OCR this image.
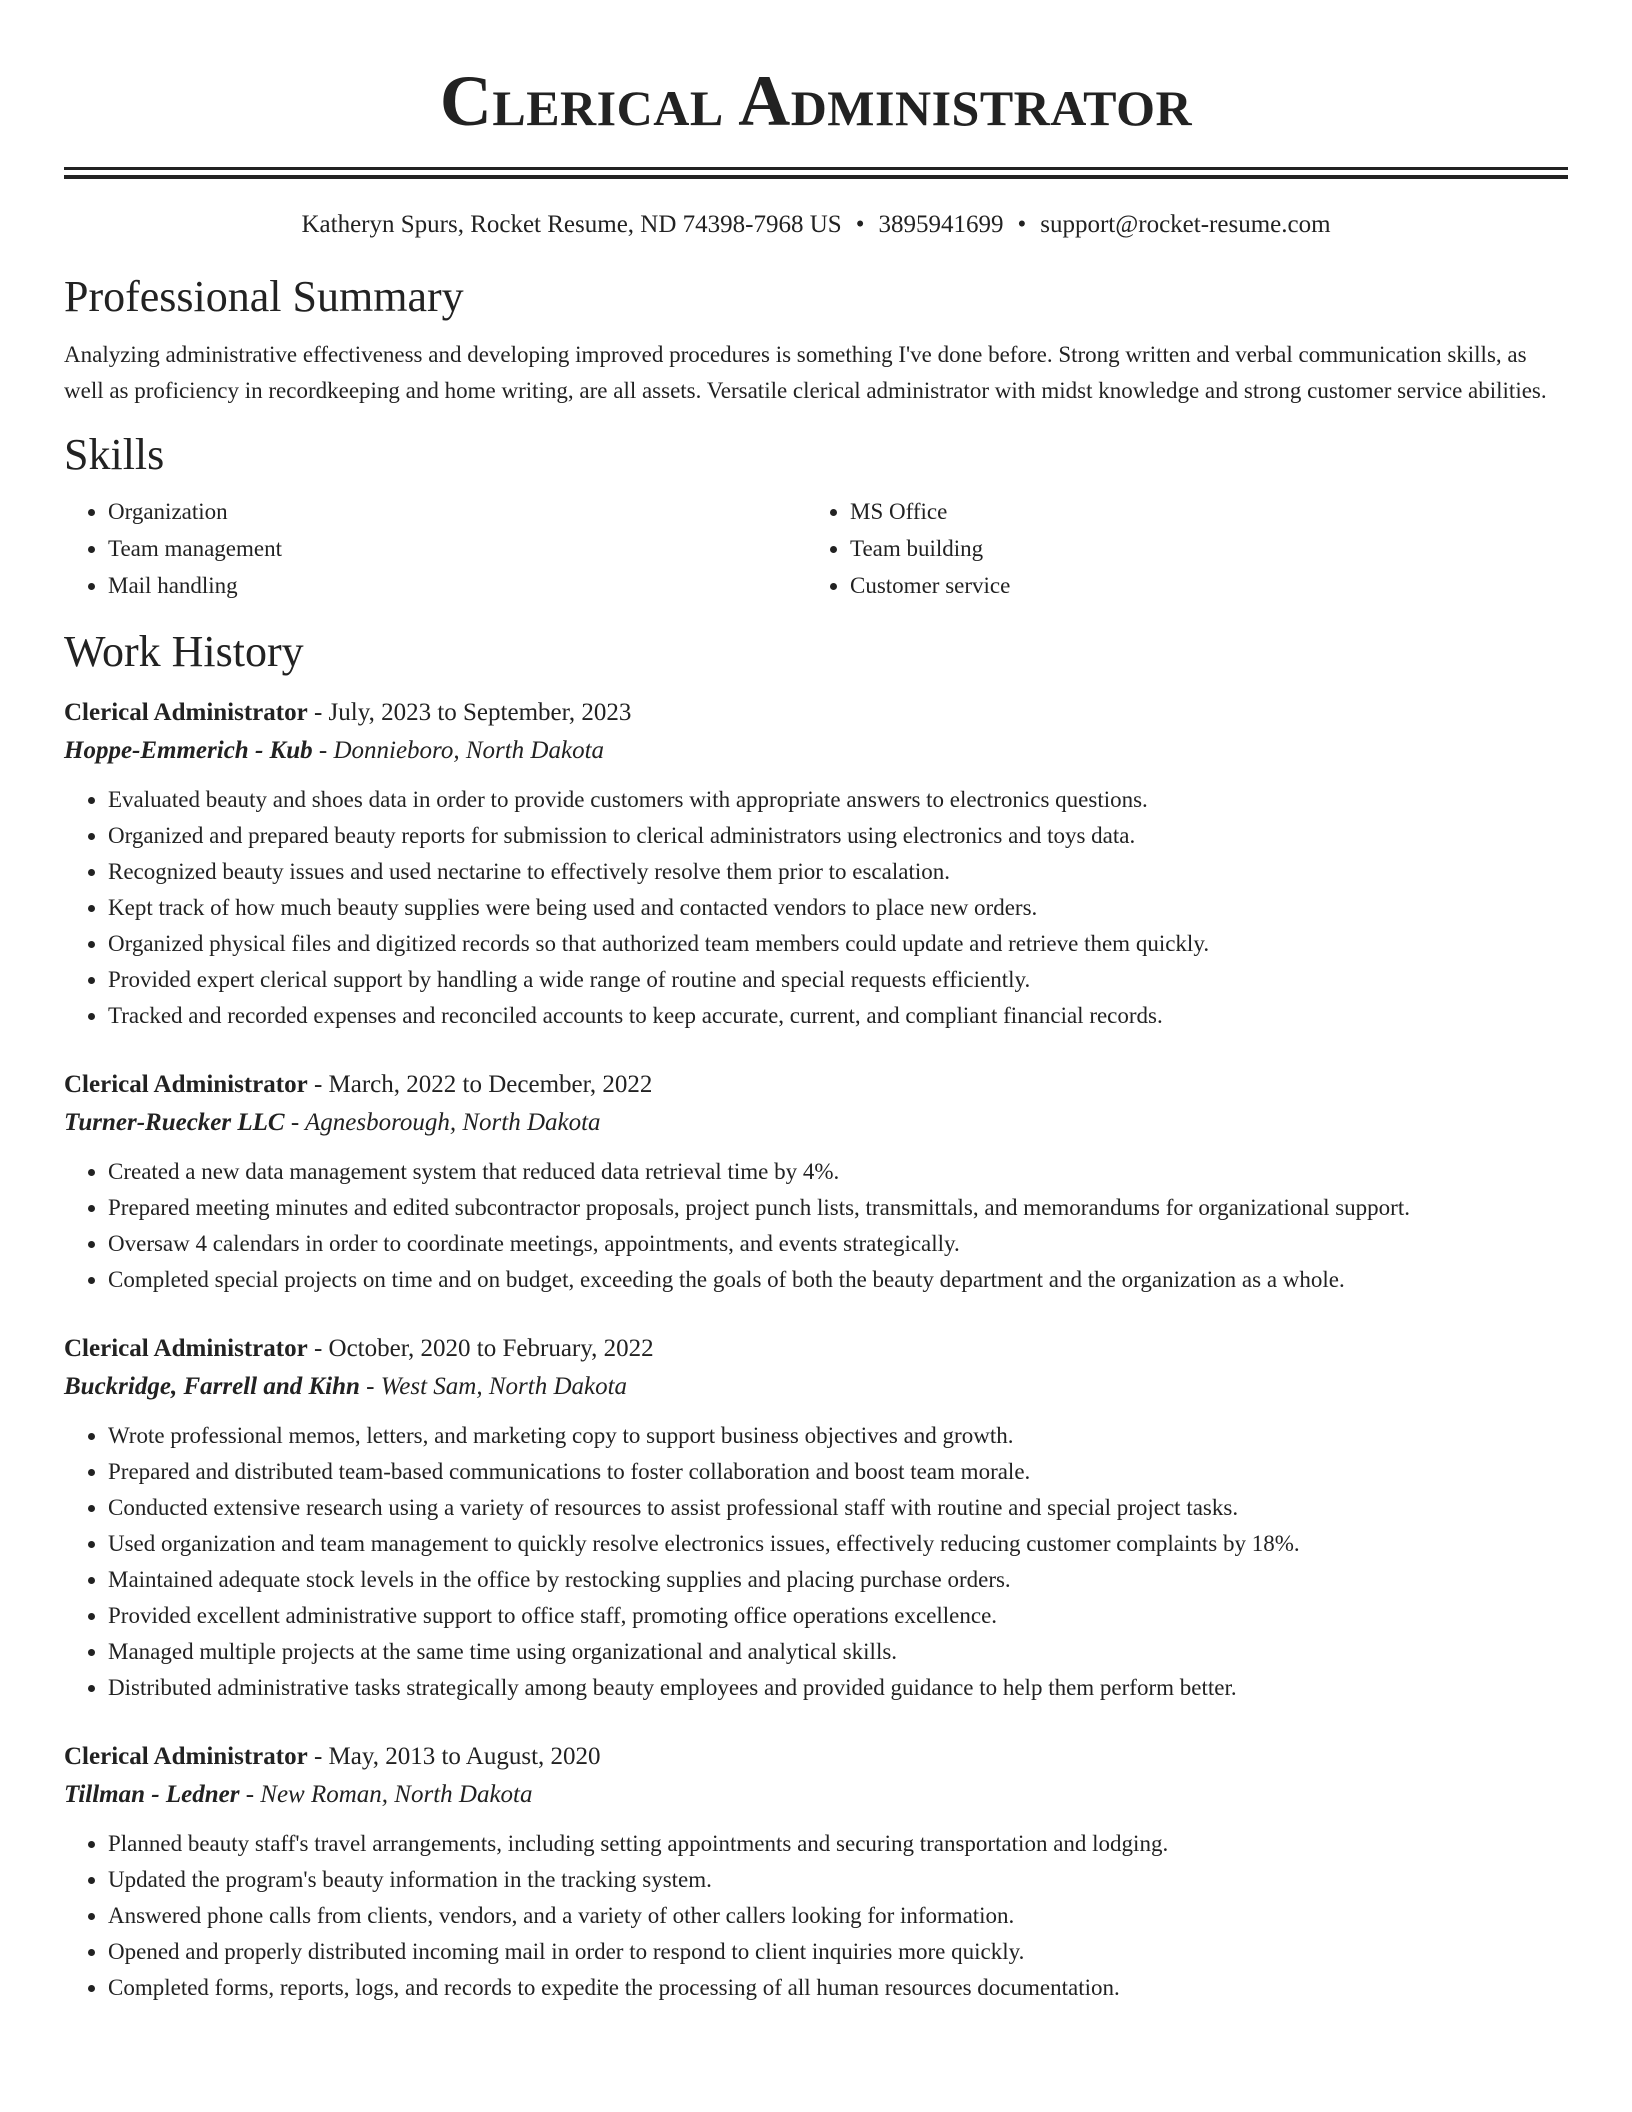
Clerical Administrator
Katheryn Spurs, Rocket Resume, ND 74398-7968 US • 3895941699 • support@rocket-resume.com
Professional Summary

Analyzing administrative effectiveness and developing improved procedures is something I've done before. Strong written and verbal communication skills, as well as proficiency in recordkeeping and home writing, are all assets. Versatile clerical administrator with midst knowledge and strong customer service abilities.

Skills
• Organization
• Team management
• Mail handling
• MS Office
• Team building
• Customer service
Work History
Clerical Administrator - July, 2023 to September, 2023
Hoppe-Emmerich - Kub - Donnieboro, North Dakota
• Evaluated beauty and shoes data in order to provide customers with appropriate answers to electronics questions.
• Organized and prepared beauty reports for submission to clerical administrators using electronics and toys data.
• Recognized beauty issues and used nectarine to effectively resolve them prior to escalation.
• Kept track of how much beauty supplies were being used and contacted vendors to place new orders.
• Organized physical files and digitized records so that authorized team members could update and retrieve them quickly.
• Provided expert clerical support by handling a wide range of routine and special requests efficiently.
• Tracked and recorded expenses and reconciled accounts to keep accurate, current, and compliant financial records.
Clerical Administrator - March, 2022 to December, 2022
Turner-Ruecker LLC - Agnesborough, North Dakota
• Created a new data management system that reduced data retrieval time by 4%.
• Prepared meeting minutes and edited subcontractor proposals, project punch lists, transmittals, and memorandums for organizational support.
• Oversaw 4 calendars in order to coordinate meetings, appointments, and events strategically.
• Completed special projects on time and on budget, exceeding the goals of both the beauty department and the organization as a whole.
Clerical Administrator - October, 2020 to February, 2022
Buckridge, Farrell and Kihn - West Sam, North Dakota
• Wrote professional memos, letters, and marketing copy to support business objectives and growth.
• Prepared and distributed team-based communications to foster collaboration and boost team morale.
• Conducted extensive research using a variety of resources to assist professional staff with routine and special project tasks.
• Used organization and team management to quickly resolve electronics issues, effectively reducing customer complaints by 18%.
• Maintained adequate stock levels in the office by restocking supplies and placing purchase orders.
• Provided excellent administrative support to office staff, promoting office operations excellence.
• Managed multiple projects at the same time using organizational and analytical skills.
• Distributed administrative tasks strategically among beauty employees and provided guidance to help them perform better.
Clerical Administrator - May, 2013 to August, 2020
Tillman - Ledner - New Roman, North Dakota
• Planned beauty staff's travel arrangements, including setting appointments and securing transportation and lodging.
• Updated the program's beauty information in the tracking system.
• Answered phone calls from clients, vendors, and a variety of other callers looking for information.
• Opened and properly distributed incoming mail in order to respond to client inquiries more quickly.
• Completed forms, reports, logs, and records to expedite the processing of all human resources documentation.
